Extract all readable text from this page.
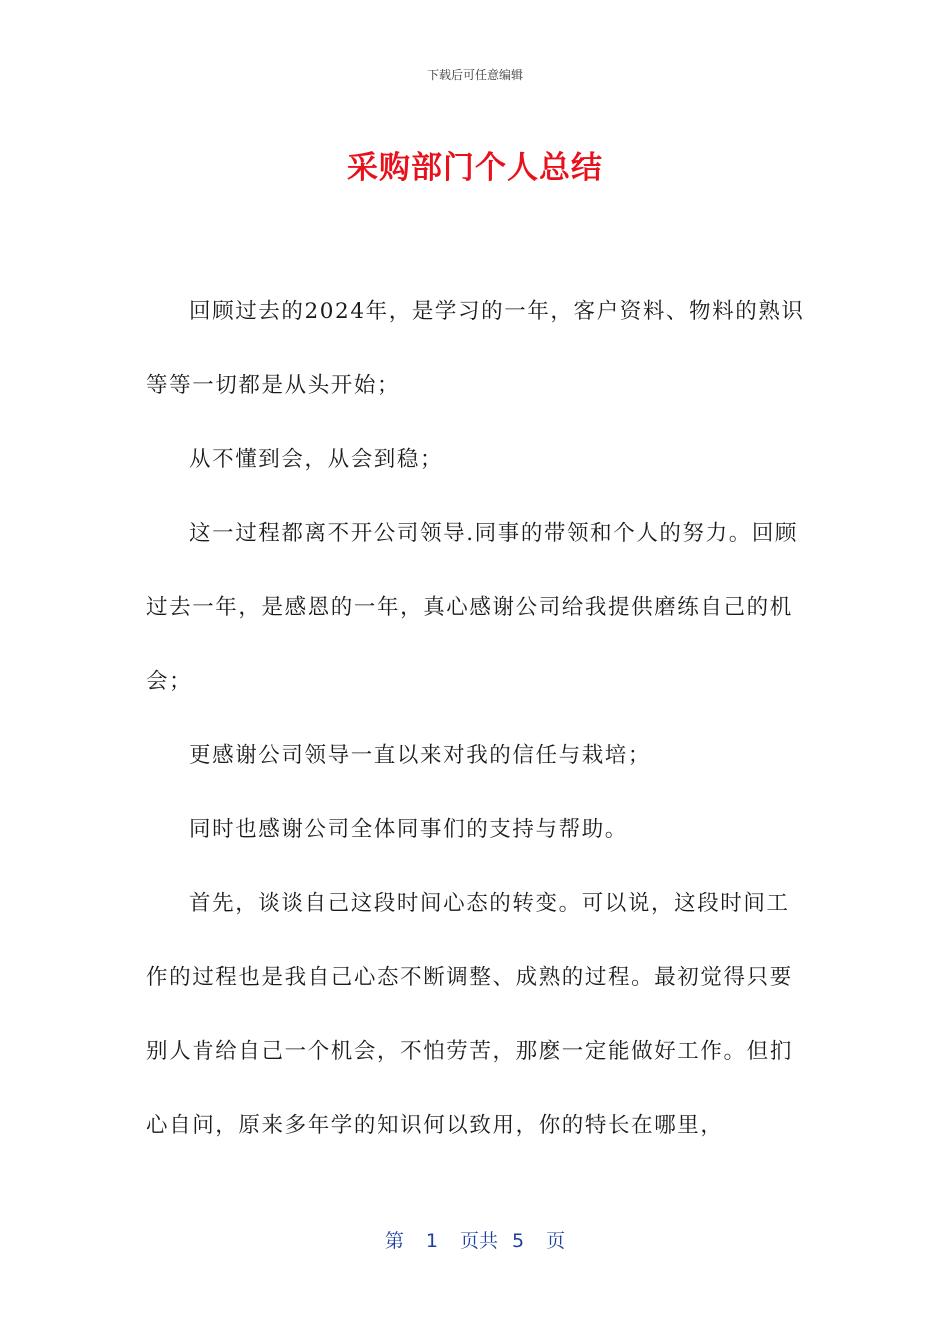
下载后可任意编辑
采购部门个人总结

回顾过去的2024年，是学习的一年，客户资料、物料的熟识等等一切都是从头开始；

从不懂到会，从会到稳；

这一过程都离不开公司领导.同事的带领和个人的努力。回顾过去一年，是感恩的一年，真心感谢公司给我提供磨练自己的机会；

更感谢公司领导一直以来对我的信任与栽培；

同时也感谢公司全体同事们的支持与帮助。

首先，谈谈自己这段时间心态的转变。可以说，这段时间工作的过程也是我自己心态不断调整、成熟的过程。最初觉得只要别人肯给自己一个机会，不怕劳苦，那麽一定能做好工作。但扪心自问，原来多年学的知识何以致用，你的特长在哪里，

第 1 页共 5 页
